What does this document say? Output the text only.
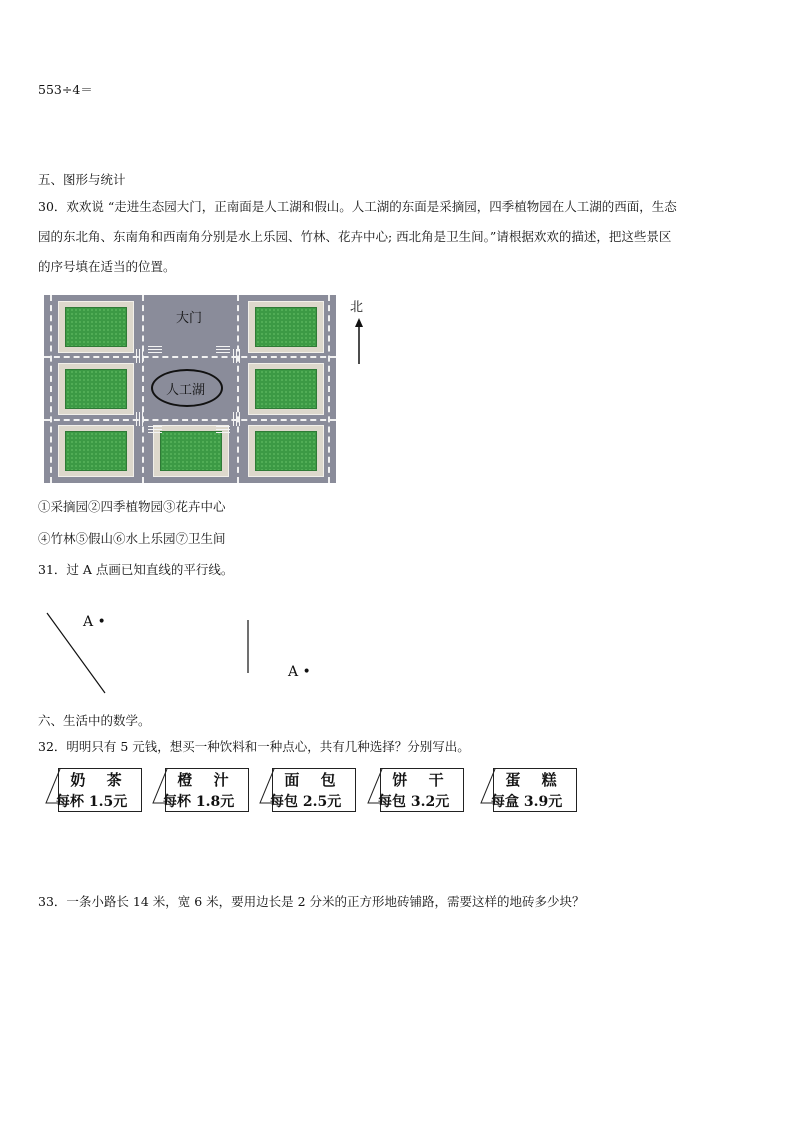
553÷4＝
五、图形与统计
30．欢欢说 “走进生态园大门，正南面是人工湖和假山。人工湖的东面是采摘园，四季植物园在人工湖的西面，生态
园的东北角、东南角和西南角分别是水上乐园、竹林、花卉中心; 西北角是卫生间。”请根据欢欢的描述，把这些景区
的序号填在适当的位置。
大门
人工湖
北
①采摘园②四季植物园③花卉中心
④竹林⑤假山⑥水上乐园⑦卫生间
31．过 A 点画已知直线的平行线。
A •
A •
六、生活中的数学。
32．明明只有 5 元钱，想买一种饮料和一种点心，共有几种选择？分别写出。
奶 茶
每杯 1.5元
橙 汁
每杯 1.8元
面 包
每包 2.5元
饼 干
每包 3.2元
蛋 糕
每盒 3.9元
33．一条小路长 14 米，宽 6 米，要用边长是 2 分米的正方形地砖铺路，需要这样的地砖多少块？
